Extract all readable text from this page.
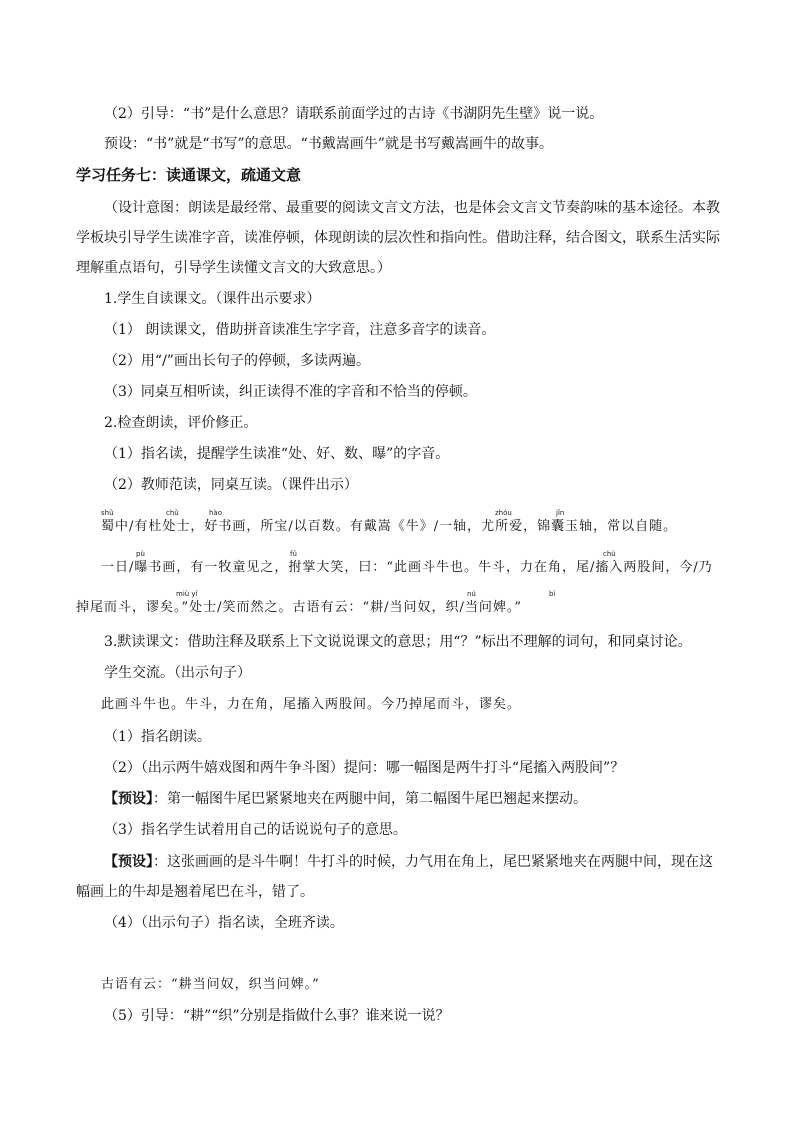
（2）引导：“书”是什么意思？请联系前面学过的古诗《书湖阴先生壁》说一说。
预设：“书”就是“书写”的意思。“书戴嵩画牛”就是书写戴嵩画牛的故事。
学习任务七：读通课文，疏通文意
（设计意图：朗读是最经常、最重要的阅读文言文方法，也是体会文言文节奏韵味的基本途径。本教
学板块引导学生读准字音，读准停顿，体现朗读的层次性和指向性。借助注释，结合图文，联系生活实际
理解重点语句，引导学生读懂文言文的大致意思。）
1.学生自读课文。（课件出示要求）
（1） 朗读课文，借助拼音读准生字字音，注意多音字的读音。
（2）用“/”画出长句子的停顿，多读两遍。
（3）同桌互相听读，纠正读得不准的字音和不恰当的停顿。
2.检查朗读，评价修正。
（1）指名读，提醒学生读准“处、好、数、曝”的字音。
（2）教师范读，同桌互读。（课件出示）
shǔ	chǔ	hào	zhóu	jǐn
蜀中/有杜处士，好书画，所宝/以百数。有戴嵩《牛》/一轴，尤所爱，锦囊玉轴，常以自随。
pù	fǔ	chù
一日/曝书画，有一牧童见之，拊掌大笑，曰：“此画斗牛也。牛斗，力在角，尾/搐入两股间，今/乃
miù yǐ	nú	bì
掉尾而斗，谬矣。”处士/笑而然之。古语有云：“耕/当问奴，织/当问婢。”
3.默读课文：借助注释及联系上下文说说课文的意思；用“？”标出不理解的词句，和同桌讨论。
学生交流。（出示句子）
此画斗牛也。牛斗，力在角，尾搐入两股间。今乃掉尾而斗，谬矣。
（1）指名朗读。
（2）（出示两牛嬉戏图和两牛争斗图）提问：哪一幅图是两牛打斗“尾搐入两股间”？
【预设】：第一幅图牛尾巴紧紧地夹在两腿中间，第二幅图牛尾巴翘起来摆动。
（3）指名学生试着用自己的话说说句子的意思。
【预设】：这张画画的是斗牛啊！牛打斗的时候，力气用在角上，尾巴紧紧地夹在两腿中间，现在这
幅画上的牛却是翘着尾巴在斗，错了。
（4）（出示句子）指名读，全班齐读。
古语有云：“耕当问奴，织当问婢。”
（5）引导：“耕”“织”分别是指做什么事？谁来说一说？
